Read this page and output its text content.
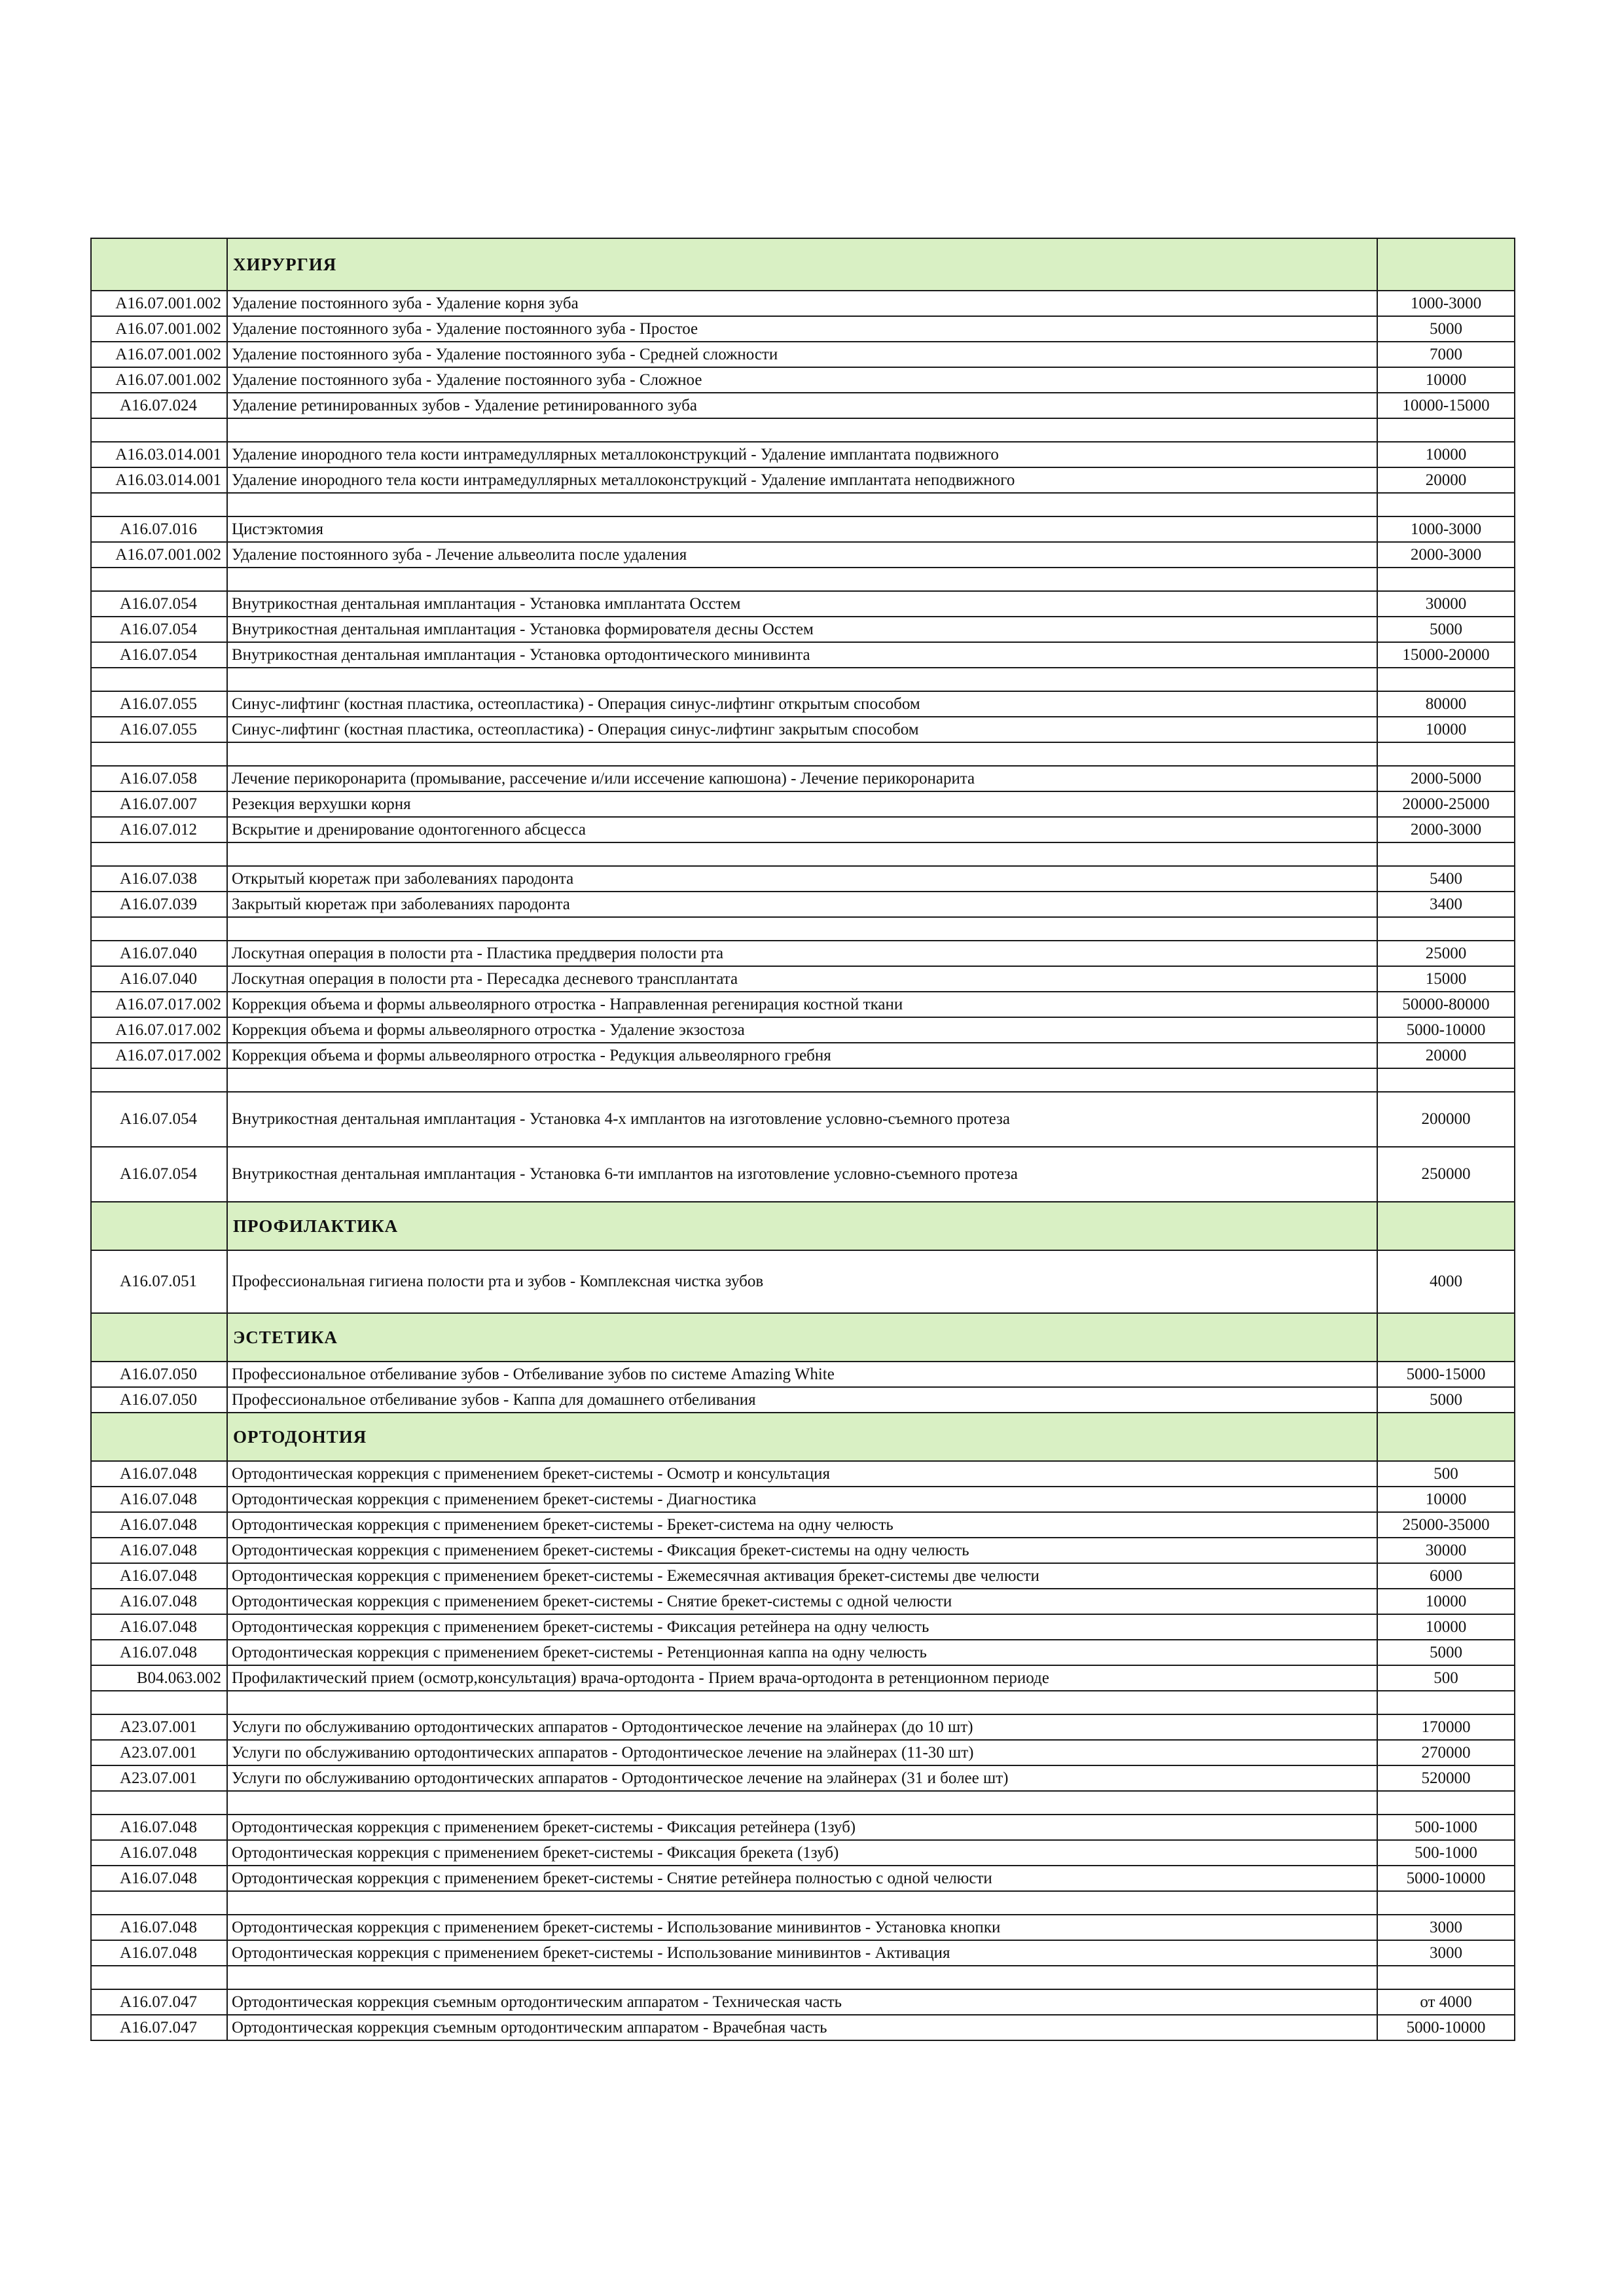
	ХИРУРГИЯ	
A16.07.001.002	Удаление постоянного зуба - Удаление корня зуба	1000-3000
A16.07.001.002	Удаление постоянного зуба - Удаление постоянного зуба - Простое	5000
A16.07.001.002	Удаление постоянного зуба - Удаление постоянного зуба - Средней сложности	7000
A16.07.001.002	Удаление постоянного зуба - Удаление постоянного зуба - Сложное	10000
A16.07.024	Удаление ретинированных зубов - Удаление ретинированного зуба	10000-15000

A16.03.014.001	Удаление инородного тела кости интрамедуллярных металлоконструкций - Удаление имплантата подвижного	10000
A16.03.014.001	Удаление инородного тела кости интрамедуллярных металлоконструкций - Удаление имплантата неподвижного	20000

A16.07.016	Цистэктомия	1000-3000
A16.07.001.002	Удаление постоянного зуба - Лечение альвеолита после удаления	2000-3000

A16.07.054	Внутрикостная дентальная имплантация - Установка имплантата Осстем	30000
A16.07.054	Внутрикостная дентальная имплантация - Установка формирователя десны Осстем	5000
A16.07.054	Внутрикостная дентальная имплантация - Установка ортодонтического минивинта	15000-20000

A16.07.055	Синус-лифтинг (костная пластика, остеопластика) - Операция синус-лифтинг открытым способом	80000
A16.07.055	Синус-лифтинг (костная пластика, остеопластика) - Операция синус-лифтинг закрытым способом	10000

A16.07.058	Лечение перикоронарита (промывание, рассечение и/или иссечение капюшона) - Лечение перикоронарита	2000-5000
A16.07.007	Резекция верхушки корня	20000-25000
A16.07.012	Вскрытие и дренирование одонтогенного абсцесса	2000-3000

A16.07.038	Открытый кюретаж при заболеваниях пародонта	5400
A16.07.039	Закрытый кюретаж при заболеваниях пародонта	3400

A16.07.040	Лоскутная операция в полости рта - Пластика преддверия полости рта	25000
A16.07.040	Лоскутная операция в полости рта - Пересадка десневого трансплантата	15000
A16.07.017.002	Коррекция объема и формы альвеолярного отростка - Направленная регенирация костной ткани	50000-80000
A16.07.017.002	Коррекция объема и формы альвеолярного отростка - Удаление экзостоза	5000-10000
A16.07.017.002	Коррекция объема и формы альвеолярного отростка - Редукция альвеолярного гребня	20000

A16.07.054	Внутрикостная дентальная имплантация - Установка 4-х имплантов на изготовление условно-съемного протеза	200000
A16.07.054	Внутрикостная дентальная имплантация - Установка 6-ти имплантов на изготовление условно-съемного протеза	250000
	ПРОФИЛАКТИКА	
A16.07.051	Профессиональная гигиена полости рта и зубов - Комплексная чистка зубов	4000
	ЭСТЕТИКА	
A16.07.050	Профессиональное отбеливание зубов - Отбеливание зубов по системе Amazing White	5000-15000
A16.07.050	Профессиональное отбеливание зубов - Каппа для домашнего отбеливания	5000
	ОРТОДОНТИЯ	
A16.07.048	Ортодонтическая коррекция с применением брекет-системы - Осмотр и консультация	500
A16.07.048	Ортодонтическая коррекция с применением брекет-системы - Диагностика	10000
A16.07.048	Ортодонтическая коррекция с применением брекет-системы - Брекет-система на одну челюсть	25000-35000
A16.07.048	Ортодонтическая коррекция с применением брекет-системы - Фиксация брекет-системы на одну челюсть	30000
A16.07.048	Ортодонтическая коррекция с применением брекет-системы - Ежемесячная активация брекет-системы две челюсти	6000
A16.07.048	Ортодонтическая коррекция с применением брекет-системы - Снятие брекет-системы с одной челюсти	10000
A16.07.048	Ортодонтическая коррекция с применением брекет-системы - Фиксация ретейнера на одну челюсть	10000
A16.07.048	Ортодонтическая коррекция с применением брекет-системы - Ретенционная каппа на одну челюсть	5000
B04.063.002	Профилактический прием (осмотр,консультация) врача-ортодонта - Прием врача-ортодонта в ретенционном периоде	500

A23.07.001	Услуги по обслуживанию ортодонтических аппаратов - Ортодонтическое лечение на элайнерах (до 10 шт)	170000
A23.07.001	Услуги по обслуживанию ортодонтических аппаратов - Ортодонтическое лечение на элайнерах (11-30 шт)	270000
A23.07.001	Услуги по обслуживанию ортодонтических аппаратов - Ортодонтическое лечение на элайнерах (31 и более шт)	520000

A16.07.048	Ортодонтическая коррекция с применением брекет-системы - Фиксация ретейнера (1зуб)	500-1000
A16.07.048	Ортодонтическая коррекция с применением брекет-системы - Фиксация брекета (1зуб)	500-1000
A16.07.048	Ортодонтическая коррекция с применением брекет-системы - Снятие ретейнера полностью с одной челюсти	5000-10000

A16.07.048	Ортодонтическая коррекция с применением брекет-системы - Использование минивинтов - Установка кнопки	3000
A16.07.048	Ортодонтическая коррекция с применением брекет-системы - Использование минивинтов - Активация	3000

A16.07.047	Ортодонтическая коррекция съемным ортодонтическим аппаратом - Техническая часть	от 4000
A16.07.047	Ортодонтическая коррекция съемным ортодонтическим аппаратом - Врачебная часть	5000-10000
